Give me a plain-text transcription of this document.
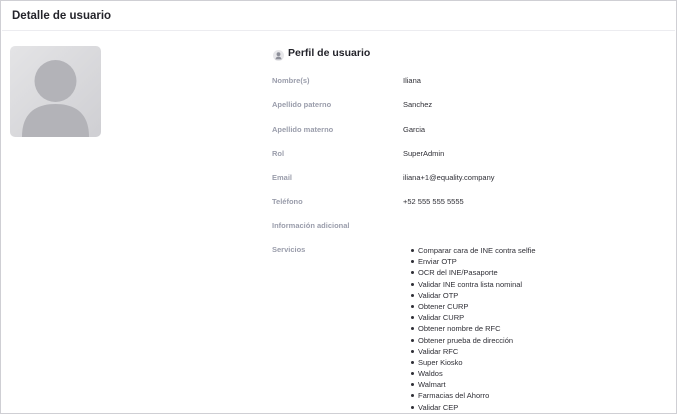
Detalle de usuario
Perfil de usuario
Nombre(s)	Iliana
Apellido paterno	Sanchez
Apellido materno	Garcia
Rol	SuperAdmin
Email	iliana+1@equality.company
Teléfono	+52 555 555 5555
Información adicional
Servicios	Comparar cara de INE contra selfie
Enviar OTP
OCR del INE/Pasaporte
Validar INE contra lista nominal
Validar OTP
Obtener CURP
Validar CURP
Obtener nombre de RFC
Obtener prueba de dirección
Validar RFC
Super Kiosko
Waldos
Walmart
Farmacias del Ahorro
Validar CEP
